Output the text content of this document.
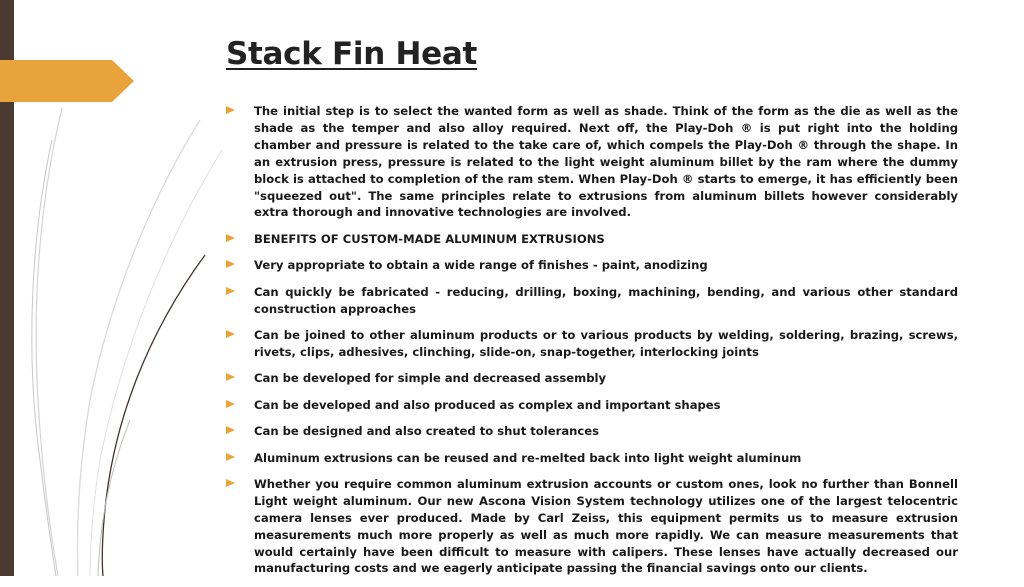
Stack Fin Heat
The initial step is to select the wanted form as well as shade. Think of the form as the die as well as the shade as the temper and also alloy required. Next off, the Play-Doh ® is put right into the holding chamber and pressure is related to the take care of, which compels the Play-Doh ® through the shape. In an extrusion press, pressure is related to the light weight aluminum billet by the ram where the dummy block is attached to completion of the ram stem. When Play-Doh ® starts to emerge, it has efficiently been "squeezed out". The same principles relate to extrusions from aluminum billets however considerably extra thorough and innovative technologies are involved.
BENEFITS OF CUSTOM-MADE ALUMINUM EXTRUSIONS
Very appropriate to obtain a wide range of finishes - paint, anodizing
Can quickly be fabricated - reducing, drilling, boxing, machining, bending, and various other standard construction approaches
Can be joined to other aluminum products or to various products by welding, soldering, brazing, screws, rivets, clips, adhesives, clinching, slide-on, snap-together, interlocking joints
Can be developed for simple and decreased assembly
Can be developed and also produced as complex and important shapes
Can be designed and also created to shut tolerances
Aluminum extrusions can be reused and re-melted back into light weight aluminum
Whether you require common aluminum extrusion accounts or custom ones, look no further than Bonnell Light weight aluminum. Our new Ascona Vision System technology utilizes one of the largest telocentric camera lenses ever produced. Made by Carl Zeiss, this equipment permits us to measure extrusion measurements much more properly as well as much more rapidly. We can measure measurements that would certainly have been difficult to measure with calipers. These lenses have actually decreased our manufacturing costs and we eagerly anticipate passing the financial savings onto our clients.
